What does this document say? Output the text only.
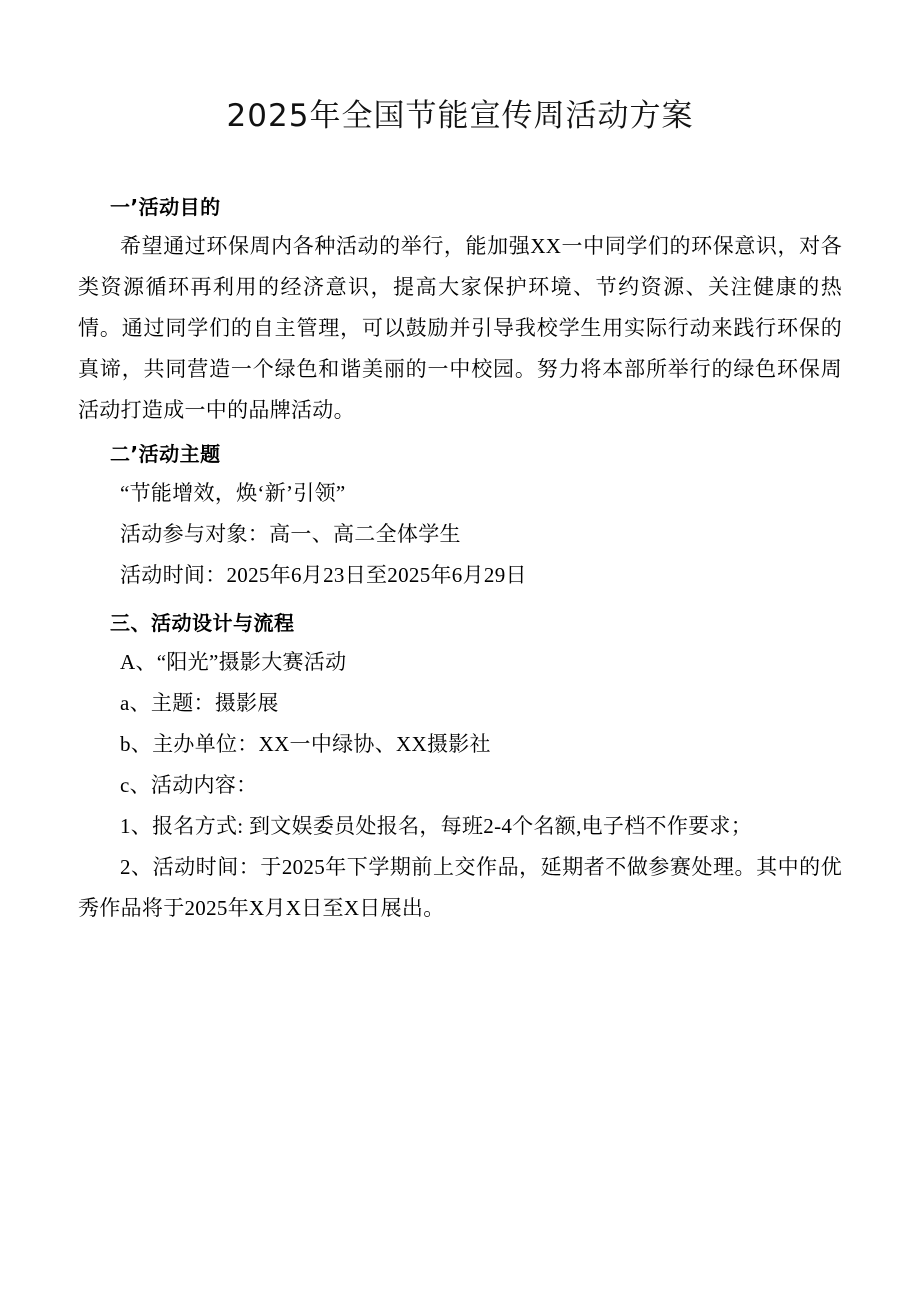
2025年全国节能宣传周活动方案
一’活动目的

希望通过环保周内各种活动的举行，能加强XX一中同学们的环保意识，对各类资源循环再利用的经济意识，提高大家保护环境、节约资源、关注健康的热情。通过同学们的自主管理，可以鼓励并引导我校学生用实际行动来践行环保的真谛，共同营造一个绿色和谐美丽的一中校园。努力将本部所举行的绿色环保周活动打造成一中的品牌活动。

二’活动主题

“节能增效，焕‘新’引领”

活动参与对象：高一、高二全体学生

活动时间：2025年6月23日至2025年6月29日

三、活动设计与流程

A、“阳光”摄影大赛活动

a、主题：摄影展

b、主办单位：XX一中绿协、XX摄影社

c、活动内容：

1、报名方式: 到文娱委员处报名，每班2-4个名额,电子档不作要求；

2、活动时间：于2025年下学期前上交作品，延期者不做参赛处理。其中的优秀作品将于2025年X月X日至X日展出。
